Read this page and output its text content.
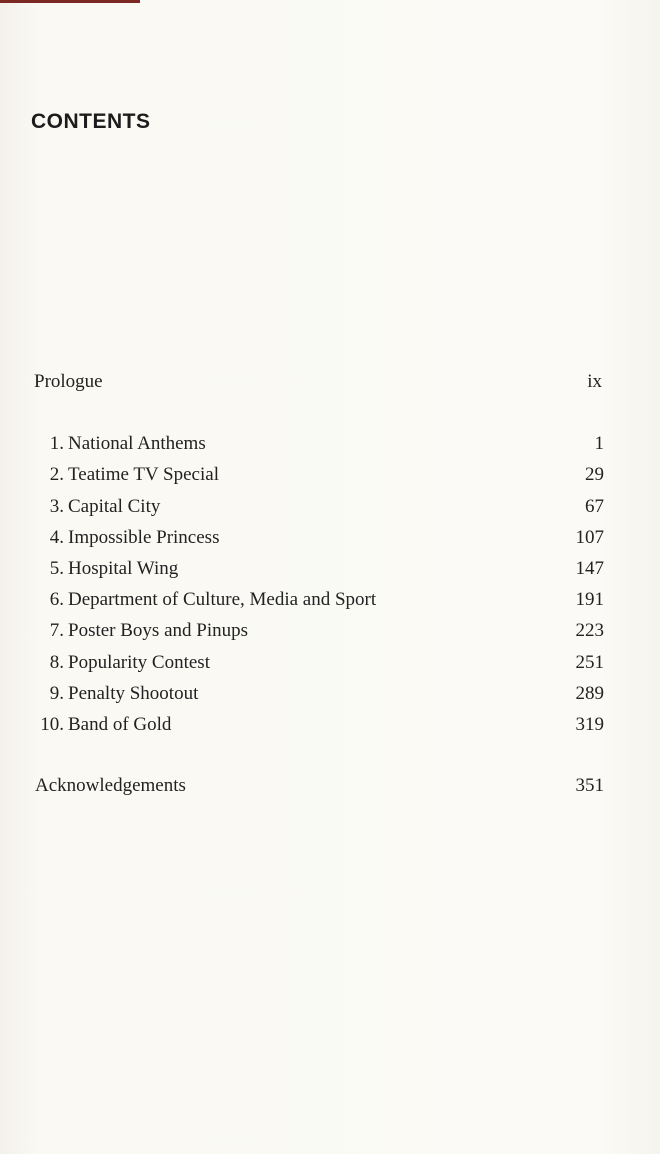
CONTENTS
Prologue	ix
1. National Anthems	1
2. Teatime TV Special	29
3. Capital City	67
4. Impossible Princess	107
5. Hospital Wing	147
6. Department of Culture, Media and Sport	191
7. Poster Boys and Pinups	223
8. Popularity Contest	251
9. Penalty Shootout	289
10. Band of Gold	319
Acknowledgements	351
